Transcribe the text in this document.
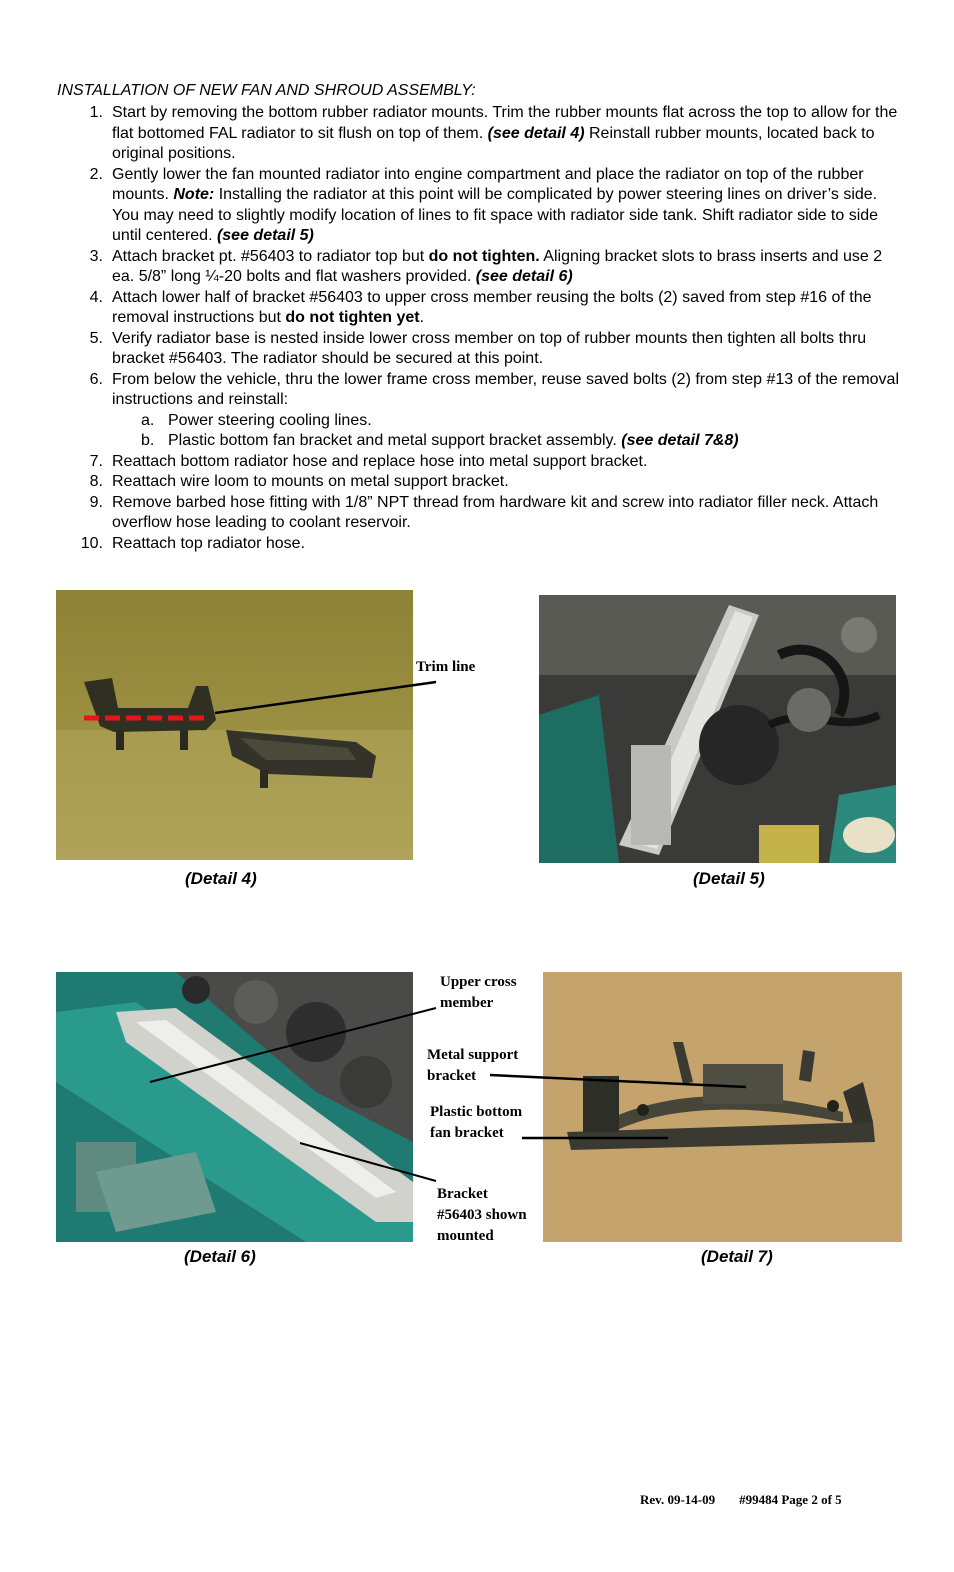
INSTALLATION OF NEW FAN AND SHROUD ASSEMBLY:
1. Start by removing the bottom rubber radiator mounts. Trim the rubber mounts flat across the top to allow for the flat bottomed FAL radiator to sit flush on top of them. (see detail 4) Reinstall rubber mounts, located back to original positions.
2. Gently lower the fan mounted radiator into engine compartment and place the radiator on top of the rubber mounts. Note: Installing the radiator at this point will be complicated by power steering lines on driver’s side. You may need to slightly modify location of lines to fit space with radiator side tank. Shift radiator side to side until centered. (see detail 5)
3. Attach bracket pt. #56403 to radiator top but do not tighten. Aligning bracket slots to brass inserts and use 2 ea. 5/8” long ¼-20 bolts and flat washers provided. (see detail 6)
4. Attach lower half of bracket #56403 to upper cross member reusing the bolts (2) saved from step #16 of the removal instructions but do not tighten yet.
5. Verify radiator base is nested inside lower cross member on top of rubber mounts then tighten all bolts thru bracket #56403. The radiator should be secured at this point.
6. From below the vehicle, thru the lower frame cross member, reuse saved bolts (2) from step #13 of the removal instructions and reinstall:
a. Power steering cooling lines.
b. Plastic bottom fan bracket and metal support bracket assembly. (see detail 7&8)
7. Reattach bottom radiator hose and replace hose into metal support bracket.
8. Reattach wire loom to mounts on metal support bracket.
9. Remove barbed hose fitting with 1/8” NPT thread from hardware kit and screw into radiator filler neck. Attach overflow hose leading to coolant reservoir.
10. Reattach top radiator hose.
(Detail 4)	(Detail 5)
Trim line
Upper cross
member
Metal support
bracket
Plastic bottom
fan bracket
Bracket
#56403 shown
mounted
(Detail 6)	(Detail 7)
Rev. 09-14-09 #99484 Page 2 of 5
